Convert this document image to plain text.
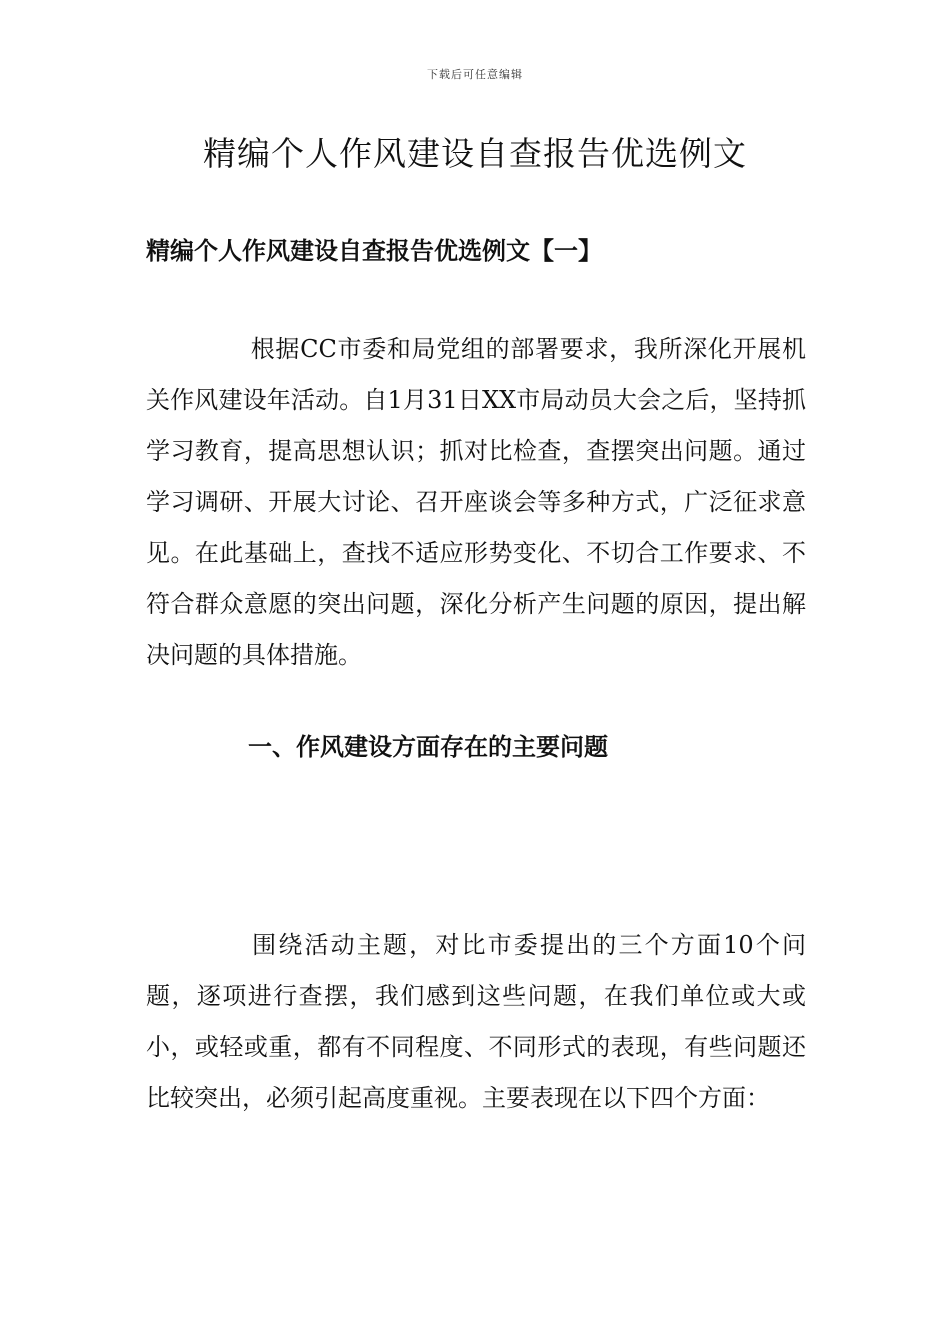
下载后可任意编辑
精编个人作风建设自查报告优选例文
精编个人作风建设自查报告优选例文【一】

根据CC市委和局党组的部署要求，我所深化开展机关作风建设年活动。自1月31日XX市局动员大会之后，坚持抓学习教育，提高思想认识；抓对比检查，查摆突出问题。通过学习调研、开展大讨论、召开座谈会等多种方式，广泛征求意见。在此基础上，查找不适应形势变化、不切合工作要求、不符合群众意愿的突出问题，深化分析产生问题的原因，提出解决问题的具体措施。

一、作风建设方面存在的主要问题

围绕活动主题，对比市委提出的三个方面10个问题，逐项进行查摆，我们感到这些问题，在我们单位或大或小，或轻或重，都有不同程度、不同形式的表现，有些问题还比较突出，必须引起高度重视。主要表现在以下四个方面：
